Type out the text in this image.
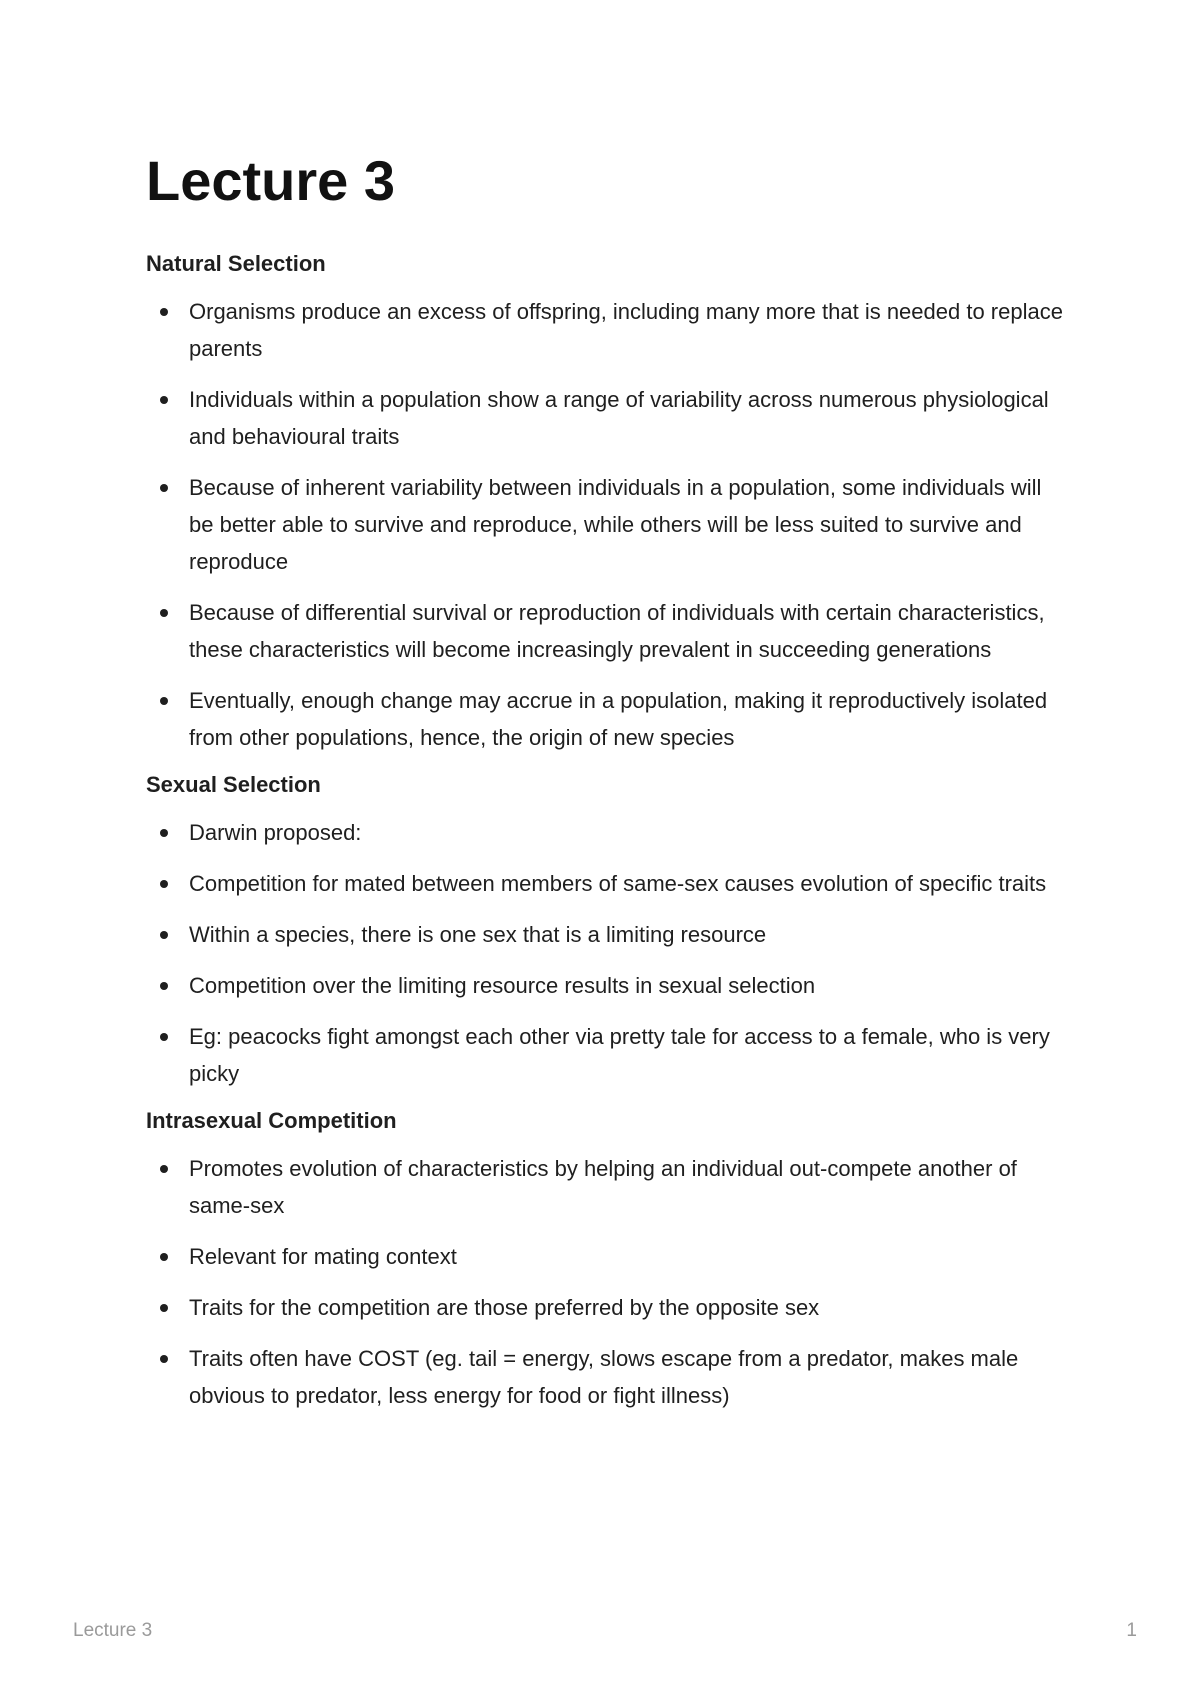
Lecture 3
Natural Selection
Organisms produce an excess of offspring, including many more that is needed to replace parents
Individuals within a population show a range of variability across numerous physiological and behavioural traits
Because of inherent variability between individuals in a population, some individuals will be better able to survive and reproduce, while others will be less suited to survive and reproduce
Because of differential survival or reproduction of individuals with certain characteristics, these characteristics will become increasingly prevalent in succeeding generations
Eventually, enough change may accrue in a population, making it reproductively isolated from other populations, hence, the origin of new species
Sexual Selection
Darwin proposed:
Competition for mated between members of same-sex causes evolution of specific traits
Within a species, there is one sex that is a limiting resource
Competition over the limiting resource results in sexual selection
Eg: peacocks fight amongst each other via pretty tale for access to a female, who is very picky
Intrasexual Competition
Promotes evolution of characteristics by helping an individual out-compete another of same-sex
Relevant for mating context
Traits for the competition are those preferred by the opposite sex
Traits often have COST (eg. tail = energy, slows escape from a predator, makes male obvious to predator, less energy for food or fight illness)
Lecture 3	1
